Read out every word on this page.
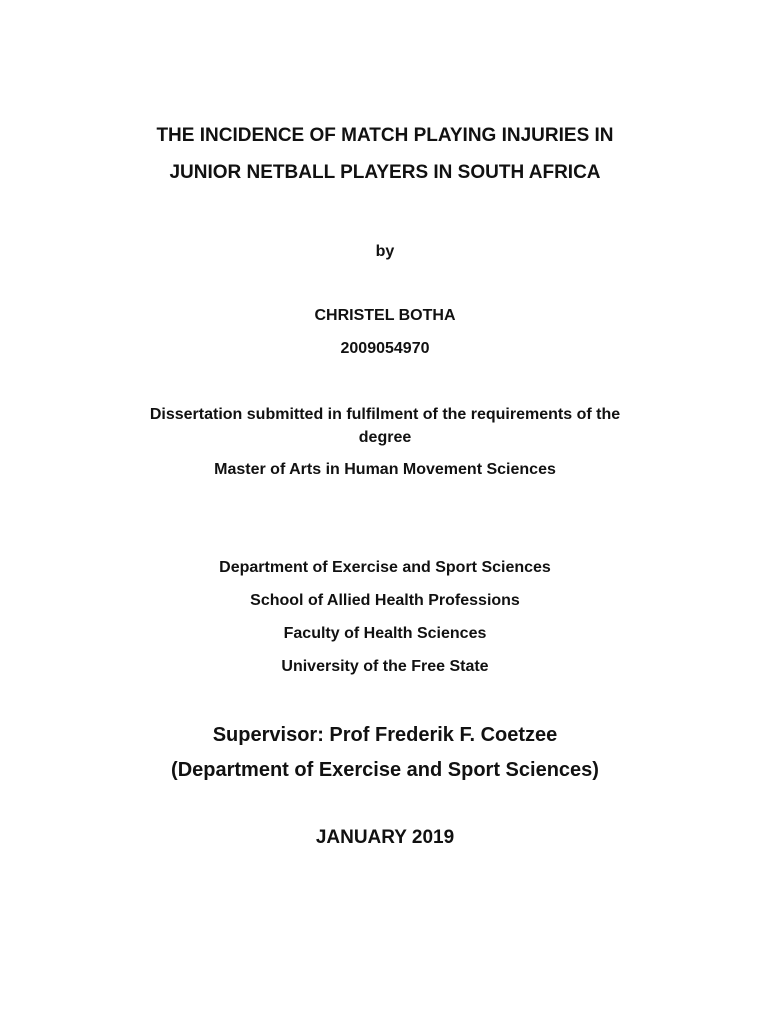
THE INCIDENCE OF MATCH PLAYING INJURIES IN
JUNIOR NETBALL PLAYERS IN SOUTH AFRICA
by
CHRISTEL BOTHA
2009054970
Dissertation submitted in fulfilment of the requirements of the
degree
Master of Arts in Human Movement Sciences
Department of Exercise and Sport Sciences
School of Allied Health Professions
Faculty of Health Sciences
University of the Free State
Supervisor: Prof Frederik F. Coetzee
(Department of Exercise and Sport Sciences)
JANUARY 2019
